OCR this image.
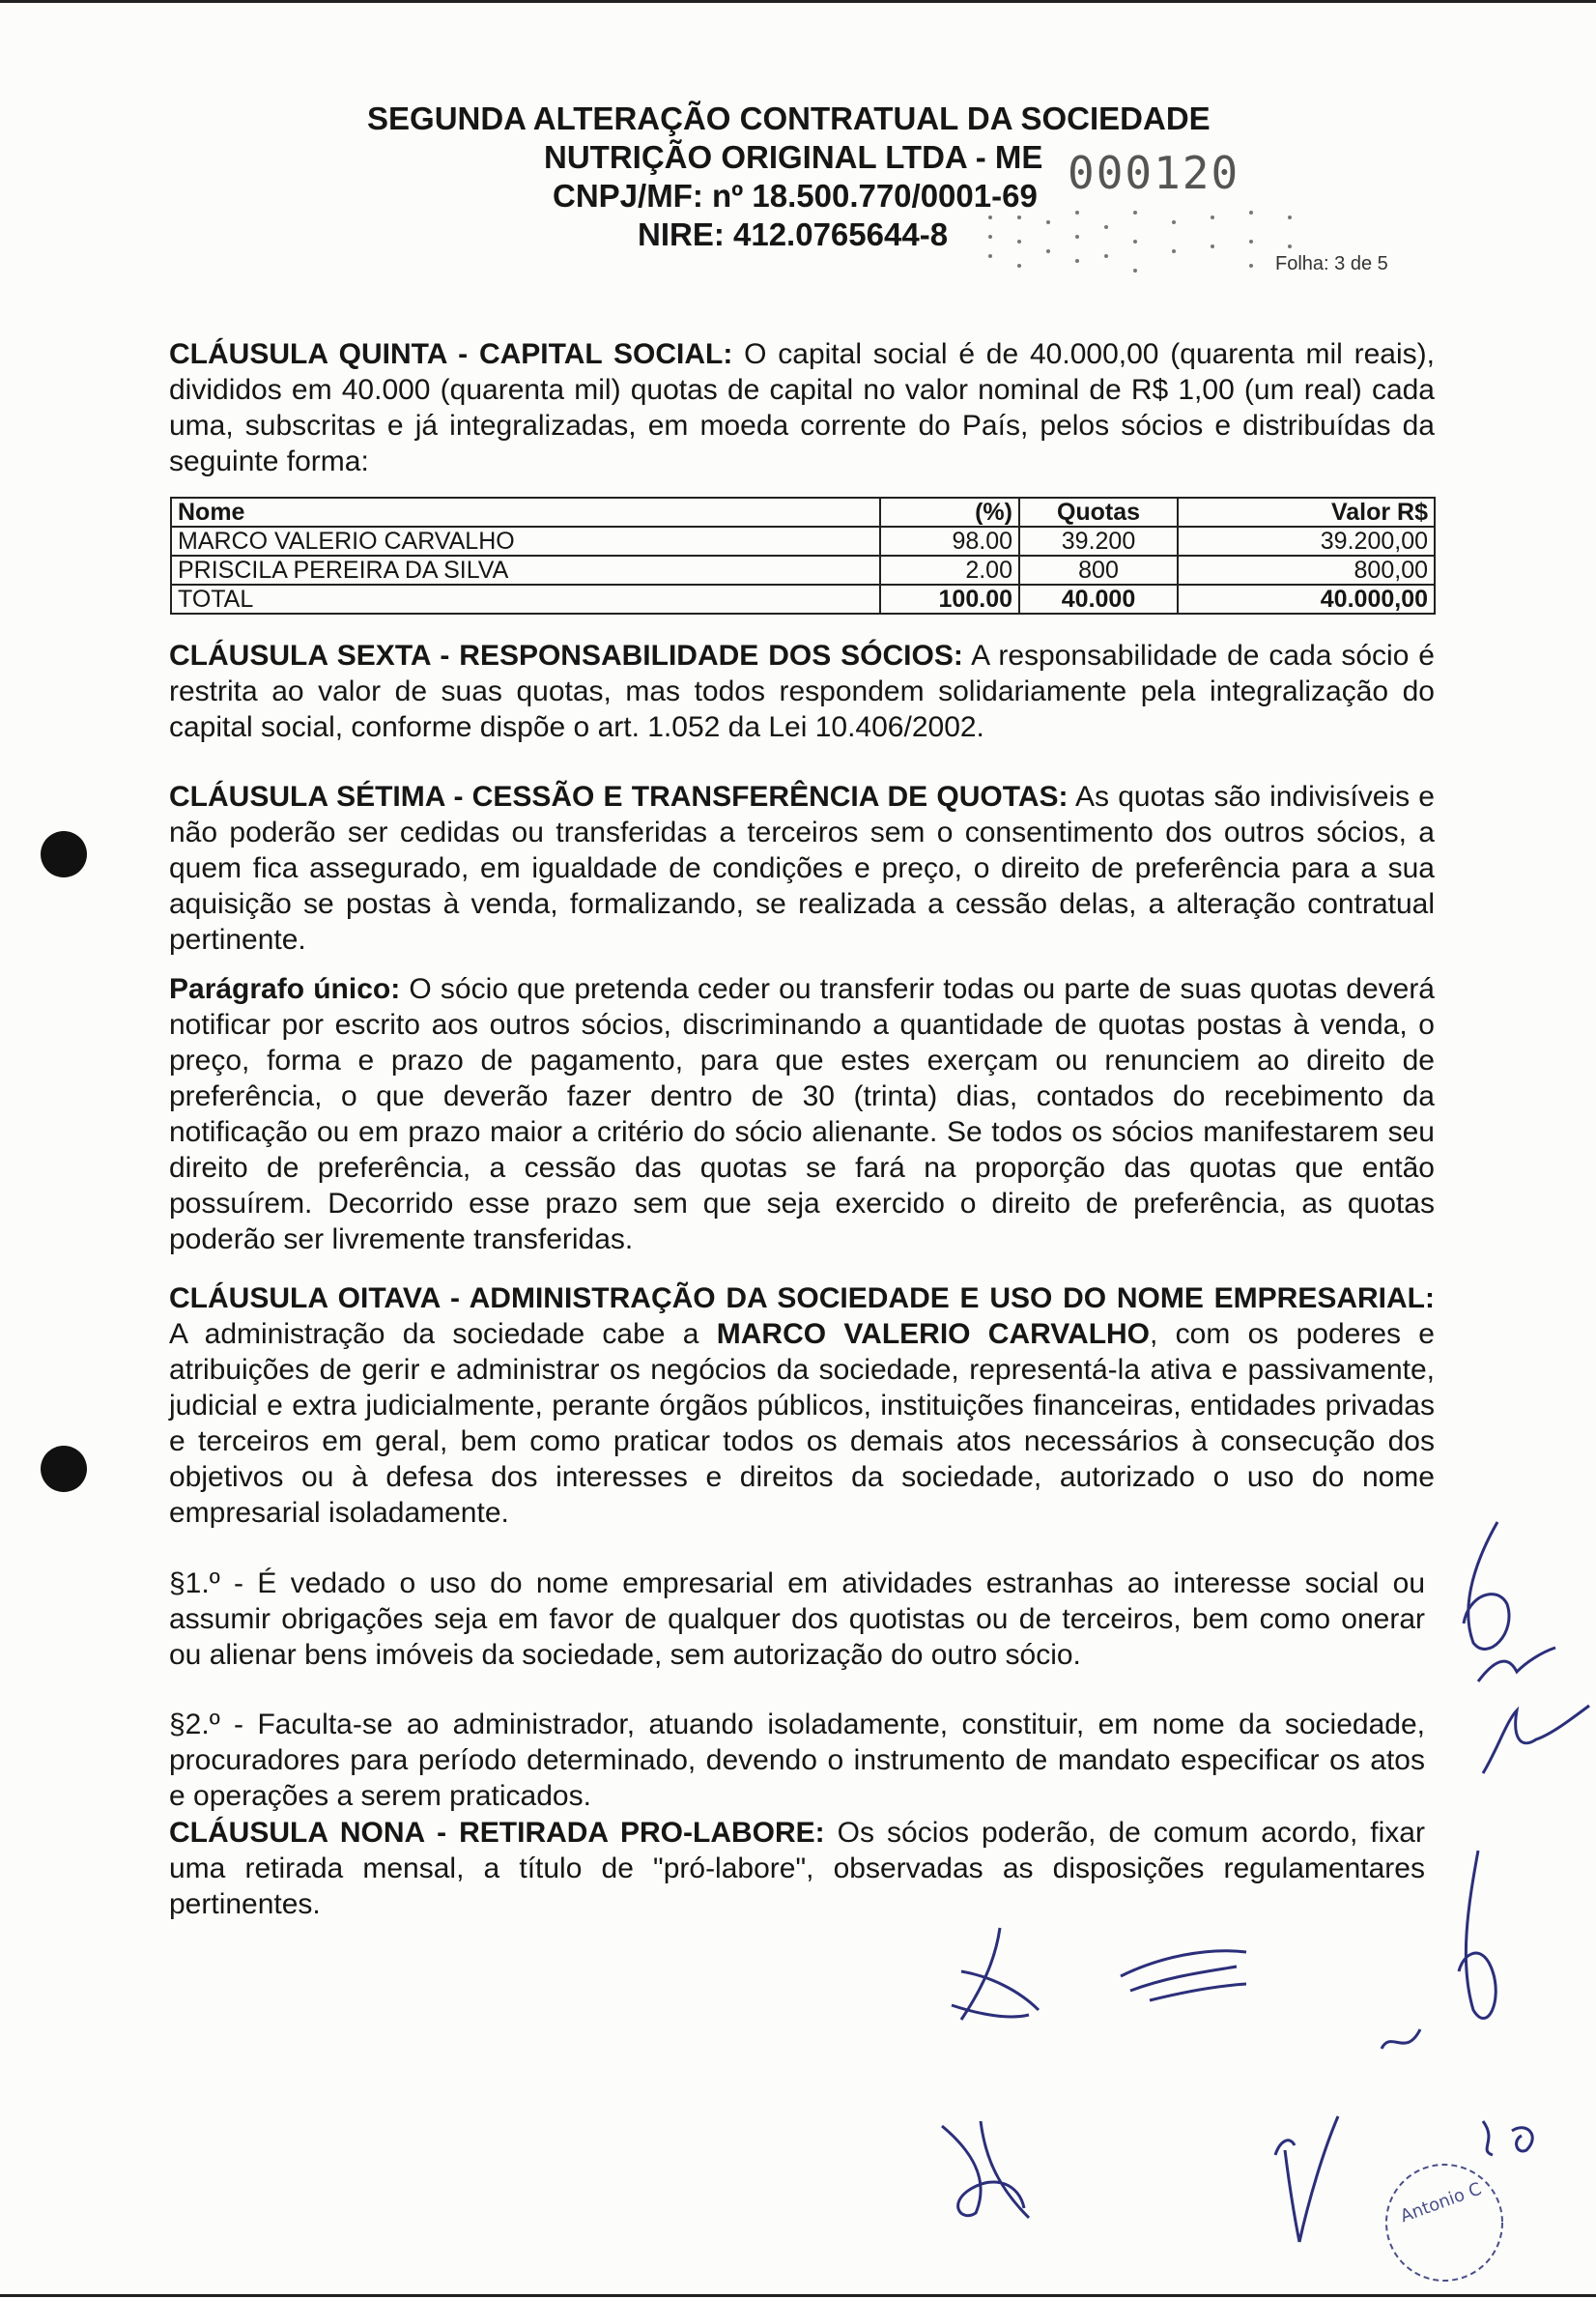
SEGUNDA ALTERAÇÃO CONTRATUAL DA SOCIEDADE
NUTRIÇÃO ORIGINAL LTDA - ME
CNPJ/MF: nº 18.500.770/0001-69
NIRE: 412.0765644-8
000120
Folha: 3 de 5
CLÁUSULA QUINTA - CAPITAL SOCIAL: O capital social é de 40.000,00 (quarenta mil reais), divididos em 40.000 (quarenta mil) quotas de capital no valor nominal de R$ 1,00 (um real) cada uma, subscritas e já integralizadas, em moeda corrente do País, pelos sócios e distribuídas da seguinte forma:
Nome	(%)	Quotas	Valor R$
MARCO VALERIO CARVALHO	98.00	39.200	39.200,00
PRISCILA PEREIRA DA SILVA	2.00	800	800,00
TOTAL	100.00	40.000	40.000,00
CLÁUSULA SEXTA - RESPONSABILIDADE DOS SÓCIOS: A responsabilidade de cada sócio é restrita ao valor de suas quotas, mas todos respondem solidariamente pela integralização do capital social, conforme dispõe o art. 1.052 da Lei 10.406/2002.
CLÁUSULA SÉTIMA - CESSÃO E TRANSFERÊNCIA DE QUOTAS: As quotas são indivisíveis e não poderão ser cedidas ou transferidas a terceiros sem o consentimento dos outros sócios, a quem fica assegurado, em igualdade de condições e preço, o direito de preferência para a sua aquisição se postas à venda, formalizando, se realizada a cessão delas, a alteração contratual pertinente.
Parágrafo único: O sócio que pretenda ceder ou transferir todas ou parte de suas quotas deverá notificar por escrito aos outros sócios, discriminando a quantidade de quotas postas à venda, o preço, forma e prazo de pagamento, para que estes exerçam ou renunciem ao direito de preferência, o que deverão fazer dentro de 30 (trinta) dias, contados do recebimento da notificação ou em prazo maior a critério do sócio alienante. Se todos os sócios manifestarem seu direito de preferência, a cessão das quotas se fará na proporção das quotas que então possuírem. Decorrido esse prazo sem que seja exercido o direito de preferência, as quotas poderão ser livremente transferidas.
CLÁUSULA OITAVA - ADMINISTRAÇÃO DA SOCIEDADE E USO DO NOME EMPRESARIAL: A administração da sociedade cabe a MARCO VALERIO CARVALHO, com os poderes e atribuições de gerir e administrar os negócios da sociedade, representá-la ativa e passivamente, judicial e extra judicialmente, perante órgãos públicos, instituições financeiras, entidades privadas e terceiros em geral, bem como praticar todos os demais atos necessários à consecução dos objetivos ou à defesa dos interesses e direitos da sociedade, autorizado o uso do nome empresarial isoladamente.
§1.º - É vedado o uso do nome empresarial em atividades estranhas ao interesse social ou assumir obrigações seja em favor de qualquer dos quotistas ou de terceiros, bem como onerar ou alienar bens imóveis da sociedade, sem autorização do outro sócio.
§2.º - Faculta-se ao administrador, atuando isoladamente, constituir, em nome da sociedade, procuradores para período determinado, devendo o instrumento de mandato especificar os atos e operações a serem praticados.
CLÁUSULA NONA - RETIRADA PRO-LABORE: Os sócios poderão, de comum acordo, fixar uma retirada mensal, a título de "pró-labore", observadas as disposições regulamentares pertinentes.
Antonio C
